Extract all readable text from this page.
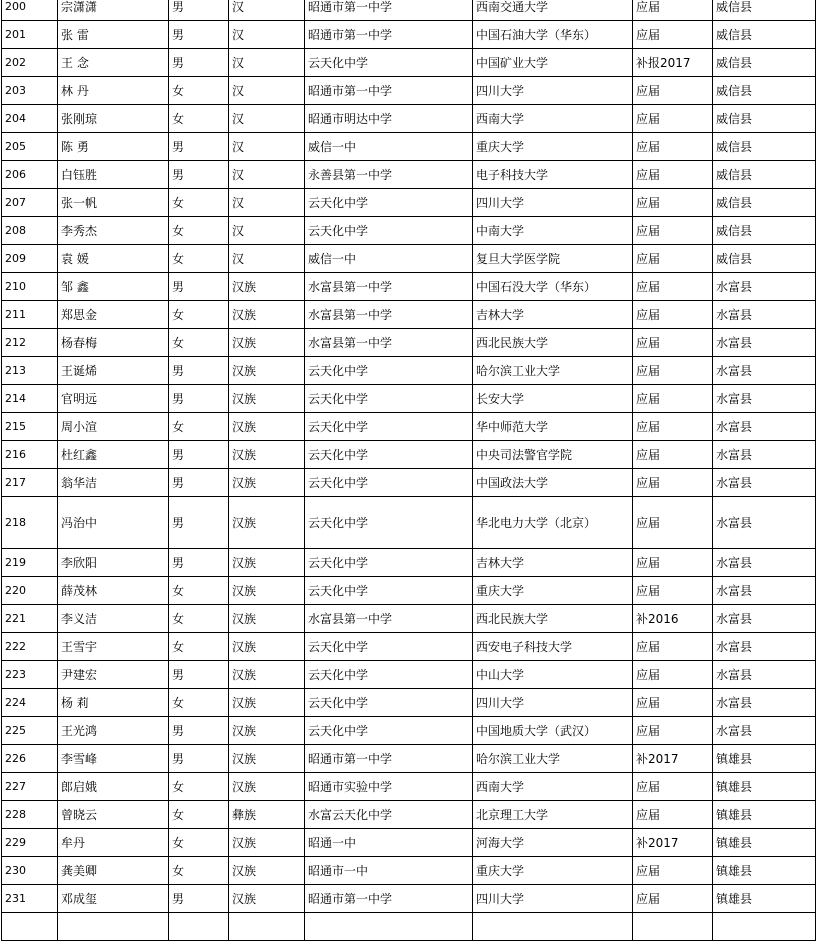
200	宗潇潇	男	汉	昭通市第一中学	西南交通大学	应届	威信县
201	张 雷	男	汉	昭通市第一中学	中国石油大学（华东）	应届	威信县
202	王 念	男	汉	云天化中学	中国矿业大学	补报2017	威信县
203	林 丹	女	汉	昭通市第一中学	四川大学	应届	威信县
204	张刚琼	女	汉	昭通市明达中学	西南大学	应届	威信县
205	陈 勇	男	汉	威信一中	重庆大学	应届	威信县
206	白钰胜	男	汉	永善县第一中学	电子科技大学	应届	威信县
207	张一帆	女	汉	云天化中学	四川大学	应届	威信县
208	李秀杰	女	汉	云天化中学	中南大学	应届	威信县
209	袁 媛	女	汉	威信一中	复旦大学医学院	应届	威信县
210	邹 鑫	男	汉族	水富县第一中学	中国石没大学（华东）	应届	水富县
211	郑思金	女	汉族	水富县第一中学	吉林大学	应届	水富县
212	杨春梅	女	汉族	水富县第一中学	西北民族大学	应届	水富县
213	王诞烯	男	汉族	云天化中学	哈尔滨工业大学	应届	水富县
214	官明远	男	汉族	云天化中学	长安大学	应届	水富县
215	周小渲	女	汉族	云天化中学	华中师范大学	应届	水富县
216	杜红鑫	男	汉族	云天化中学	中央司法警官学院	应届	水富县
217	翁华洁	男	汉族	云天化中学	中国政法大学	应届	水富县
218	冯治中	男	汉族	云天化中学	华北电力大学（北京）	应届	水富县
219	李欣阳	男	汉族	云天化中学	吉林大学	应届	水富县
220	薛茂林	女	汉族	云天化中学	重庆大学	应届	水富县
221	李义洁	女	汉族	水富县第一中学	西北民族大学	补2016	水富县
222	王雪宇	女	汉族	云天化中学	西安电子科技大学	应届	水富县
223	尹建宏	男	汉族	云天化中学	中山大学	应届	水富县
224	杨 莉	女	汉族	云天化中学	四川大学	应届	水富县
225	王光鸿	男	汉族	云天化中学	中国地质大学（武汉）	应届	水富县
226	李雪峰	男	汉族	昭通市第一中学	哈尔滨工业大学	补2017	镇雄县
227	郎启娥	女	汉族	昭通市实验中学	西南大学	应届	镇雄县
228	曾晓云	女	彝族	水富云天化中学	北京理工大学	应届	镇雄县
229	牟丹	女	汉族	昭通一中	河海大学	补2017	镇雄县
230	龚美卿	女	汉族	昭通市一中	重庆大学	应届	镇雄县
231	邓成玺	男	汉族	昭通市第一中学	四川大学	应届	镇雄县
